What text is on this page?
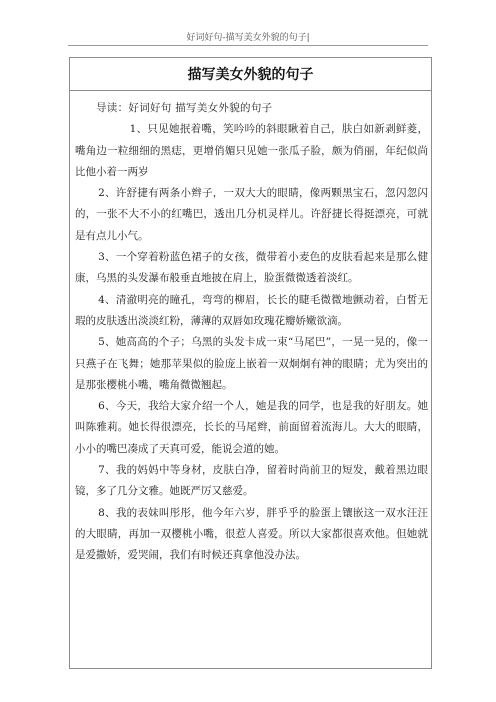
好词好句-描写美女外貌的句子|
描写美女外貌的句子

导读：好词好句 描写美女外貌的句子

1、只见她抿着嘴，笑吟吟的斜眼瞅着自己，肤白如新剥鲜菱，嘴角边一粒细细的黑痣，更增俏媚只见她一张瓜子脸，颇为俏丽，年纪似尚比他小着一两岁

2、许舒捷有两条小辫子，一双大大的眼睛，像两颗黑宝石，忽闪忽闪的，一张不大不小的红嘴巴，透出几分机灵样儿。许舒捷长得挺漂亮，可就是有点儿小气。

3、一个穿着粉蓝色裙子的女孩，微带着小麦色的皮肤看起来是那么健康，乌黑的头发瀑布般垂直地披在肩上，脸蛋微微透着淡红。

4、清澈明亮的瞳孔，弯弯的柳眉，长长的睫毛微微地颤动着，白皙无瑕的皮肤透出淡淡红粉，薄薄的双唇如玫瑰花瓣娇嫩欲滴。

5、她高高的个子；乌黑的头发卡成一束“马尾巴”，一晃一晃的，像一只燕子在飞舞；她那苹果似的脸庞上嵌着一双炯炯有神的眼睛；尤为突出的是那张樱桃小嘴，嘴角微微翘起。

6、今天，我给大家介绍一个人，她是我的同学，也是我的好朋友。她叫陈雅莉。她长得很漂亮，长长的马尾辫，前面留着流海儿。大大的眼睛，小小的嘴巴凑成了天真可爱，能说会道的她。

7、我的妈妈中等身材，皮肤白净，留着时尚前卫的短发，戴着黑边眼镜，多了几分文雅。她既严厉又慈爱。

8、我的表妹叫彤彤，他今年六岁，胖乎乎的脸蛋上镶嵌这一双水汪汪的大眼睛，再加一双樱桃小嘴，很惹人喜爱。所以大家都很喜欢他。但她就是爱撒娇，爱哭闹，我们有时候还真拿他没办法。
